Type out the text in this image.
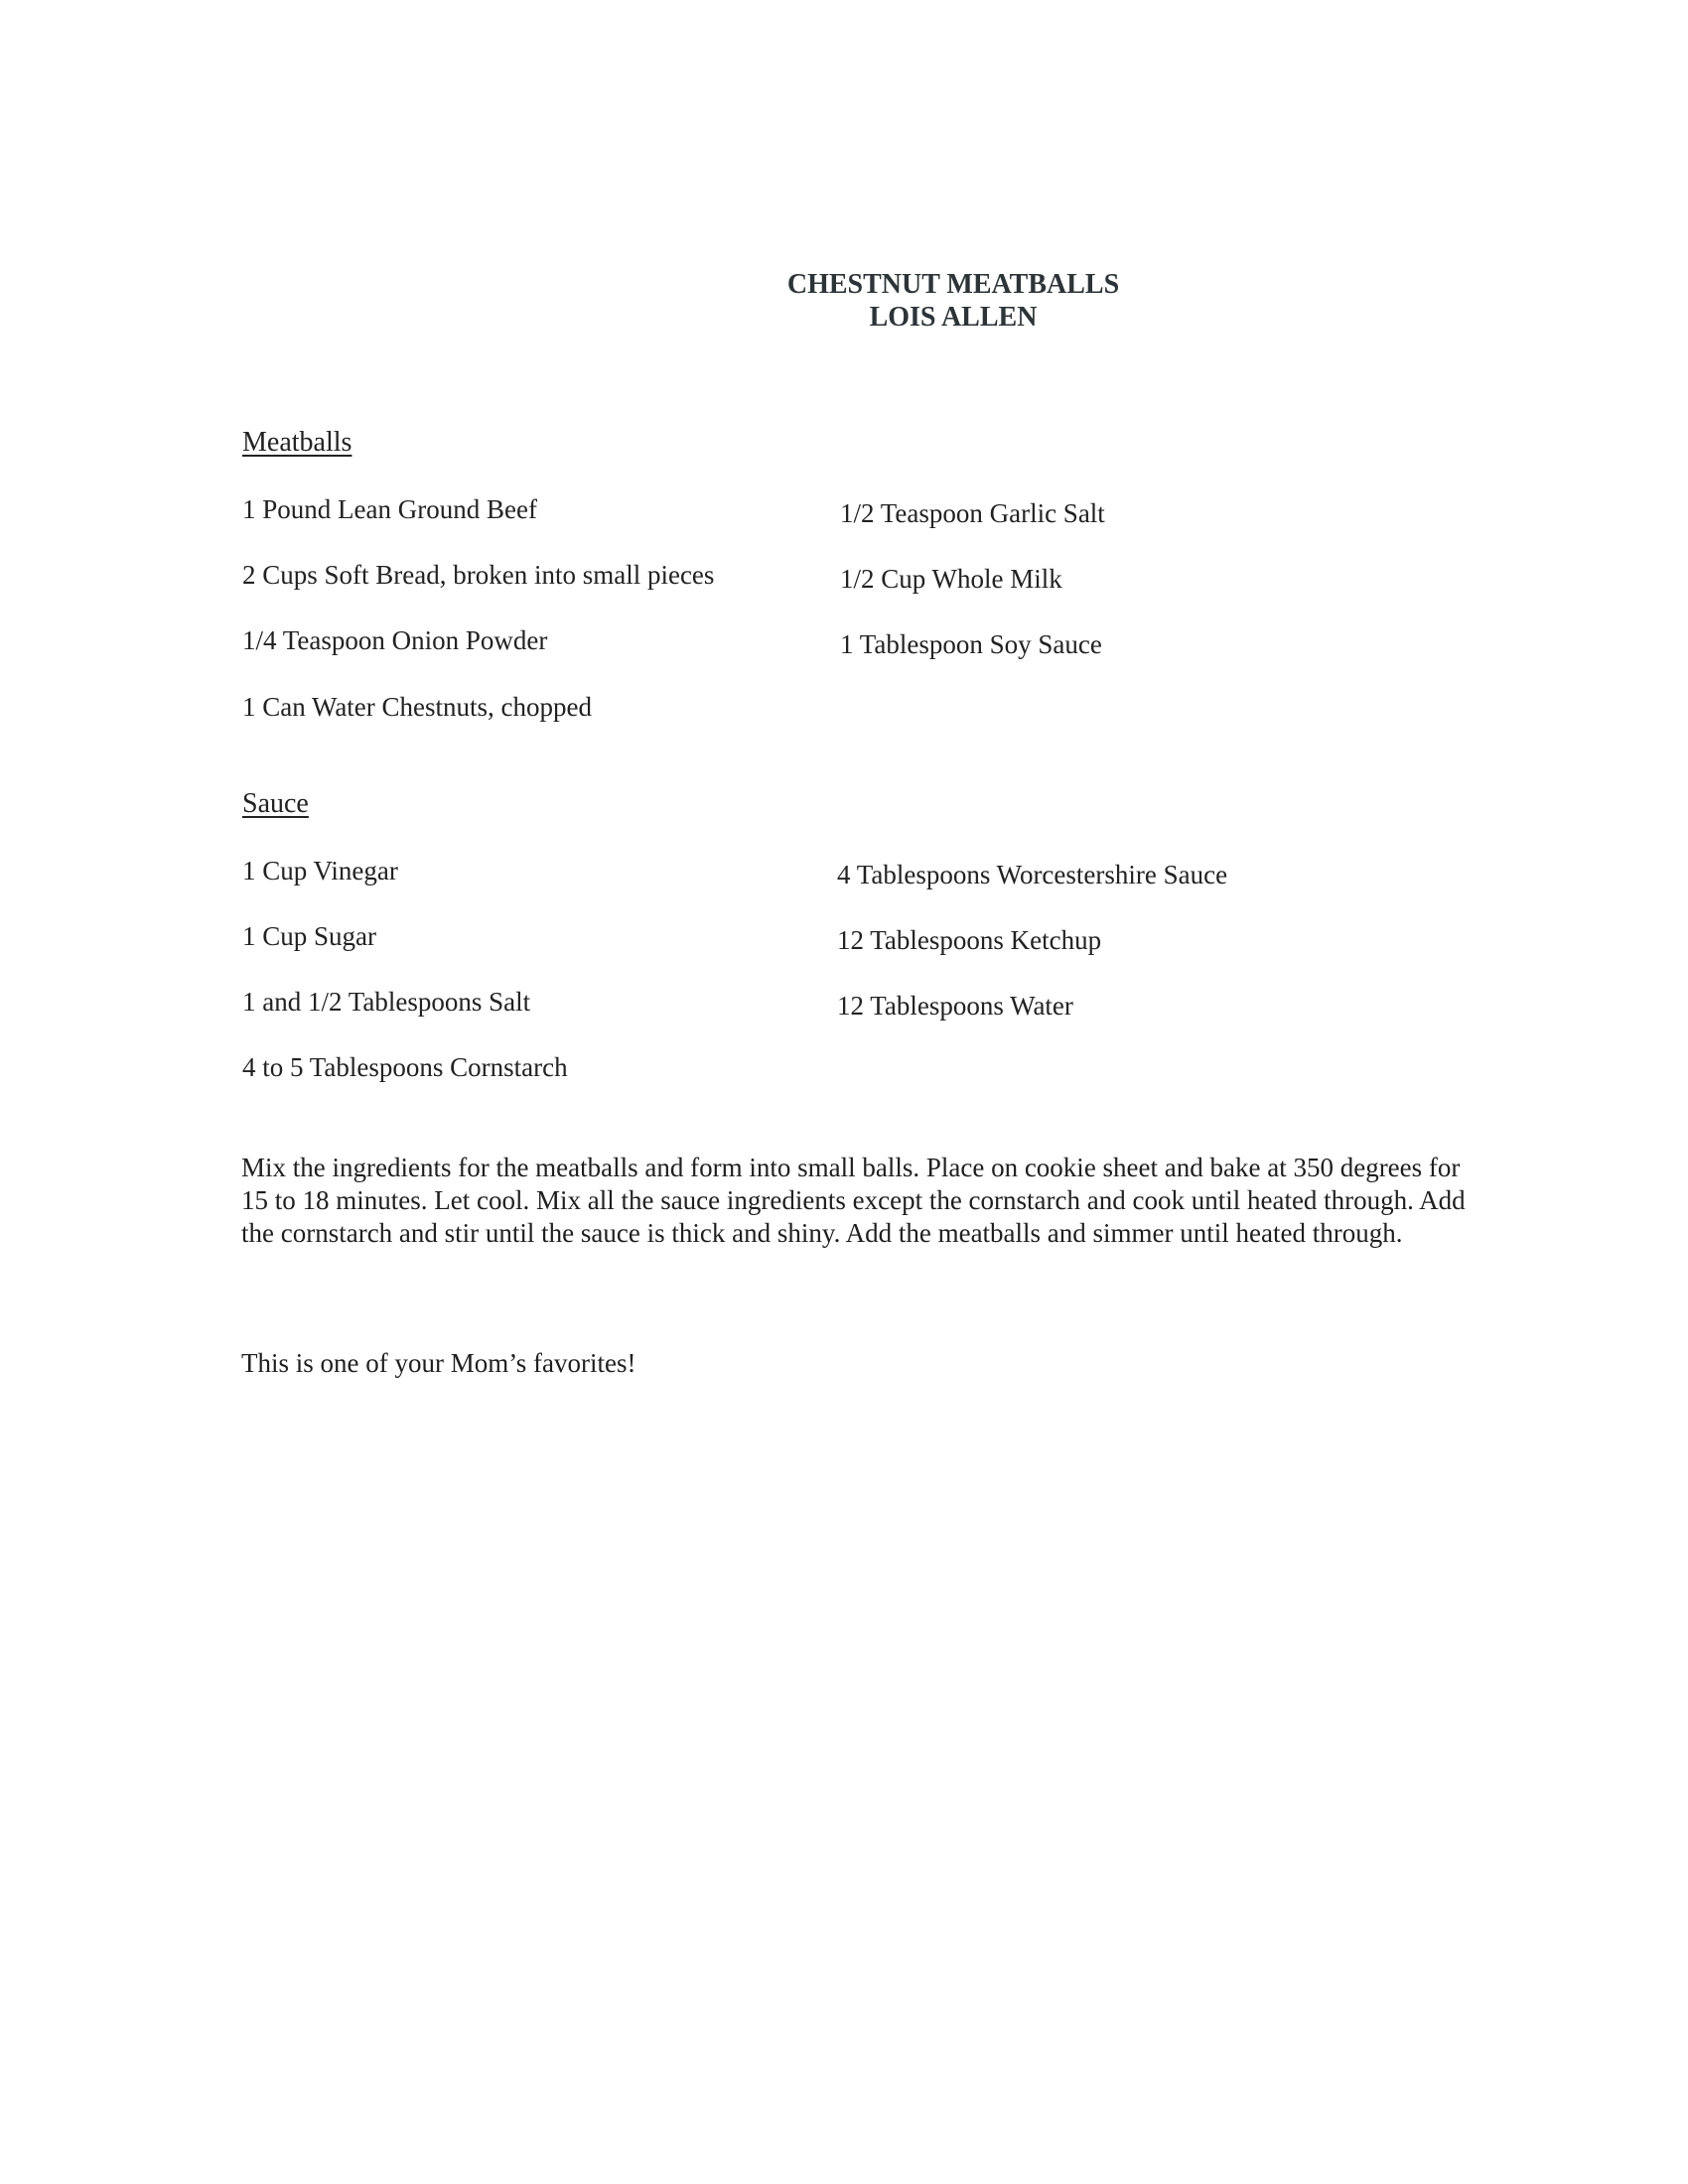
CHESTNUT MEATBALLS
LOIS ALLEN
Meatballs
1 Pound Lean Ground Beef
2 Cups Soft Bread, broken into small pieces
1/4 Teaspoon Onion Powder
1 Can Water Chestnuts, chopped
1/2 Teaspoon Garlic Salt
1/2 Cup Whole Milk
1 Tablespoon Soy Sauce
Sauce
1 Cup Vinegar
1 Cup Sugar
1 and 1/2 Tablespoons Salt
4 to 5 Tablespoons Cornstarch
4 Tablespoons Worcestershire Sauce
12 Tablespoons Ketchup
12 Tablespoons Water
Mix the ingredients for the meatballs and form into small balls. Place on cookie sheet and bake at 350 degrees for 15 to 18 minutes. Let cool. Mix all the sauce ingredients except the cornstarch and cook until heated through. Add the cornstarch and stir until the sauce is thick and shiny. Add the meatballs and simmer until heated through.
This is one of your Mom’s favorites!
